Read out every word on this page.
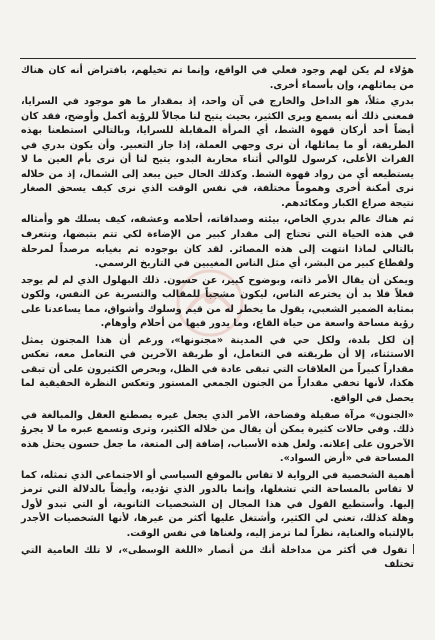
هؤلاء لم يكن لهم وجود فعلي في الواقع، وإنما تم تخيلهم، بافتراض أنه كان هناك من يماثلهم، وإن بأسماء أخرى.

بدري مثلاً، هو الداخل والخارج في آن واحد، إذ بمقدار ما هو موجود في السرايا، فمعنى ذلك أنه يسمع ويرى الكثير، بحيث يتيح لنا مجالاً للرؤية أكمل وأوضح، فقد كان أيضاً أحد أركان قهوة الشط، أي المرأة المقابلة للسرايا، وبالتالي استطعنا بهذه الطريقة، أو ما يماثلها، أن نرى وجهي العملة، إذا جاز التعبير. وأن يكون بدري في الفراث الأعلى، كرسول للوالي أثناء محاربة البدو، يتيح لنا أن نرى بأم العين ما لا يستطيعه أي من رواد قهوة الشط. وكذلك الحال حين يبعد إلى الشمال، إذ من خلاله نرى أمكنة أخرى وهموماً مختلفة، في نفس الوقت الذي نرى كيف يسحق الصغار نتيجة صراع الكبار ومكائدهم.

ثم هناك عالم بدري الخاص، بيئته وصداقاته، أحلامه وعشقه، كيف يسلك هو وأمثاله في هذه الحياة التي تحتاج إلى مقدار كبير من الإضاءة لكي تتم بتبضها، ونتعرف بالتالي لماذا انتهت إلى هذه المصائر. لقد كان بوجوده ثم بغيابه مرصداً لمرحلة ولقطاع كبير من البشر، أي مثل الناس المغيبين في التاريخ الرسمي.

ويمكن أن يقال الأمر ذاته، وبوضوح كبير، عن حسون. ذلك البهلول الذي لم لم يوجد فعلاً فلا بد أن يخترعه الناس، ليكون مشجباً للمقالب والتسرية عن النفس، ولكون بمثابة الضمير الشعبي، يقول ما يخطر له من قيم وسلوك وأشواق، مما يساعدنا على رؤية مساحة واسعة من حياة القاع، وما يدور فيها من أحلام وأوهام.

إن لكل بلدة، ولكل حي في المدينة «مجنونها»، ورغم أن هذا المجنون يمثل الاستثناء، إلا أن طريقته في التعامل، أو طريقة الآخرين في التعامل معه، تعكس مقداراً كبيراً من العلاقات التي تبقى عادة في الظل، وبحرص الكثيرون على أن تبقى هكذا، لأنها تخفي مقداراً من الجنون الجمعي المستور وتعكس النظرة الحقيقية لما يحصل في الواقع.

«الجنون» مرآة صقيلة وفضاحة، الأمر الذي يجعل غيره يصطنع العقل والمبالغة في ذلك. وفي حالات كثيرة يمكن أن يقال من خلاله الكثير، وترى وتسمع عبره ما لا يجرؤ الآخرون على إعلانه. ولعل هذه الأسباب، إضافة إلى المتعة، ما جعل حسون يحتل هذه المساحة في «أرض السواد».

أهمية الشخصية في الرواية لا تقاس بالموقع السياسي أو الاجتماعي الذي تمثله، كما لا تقاس بالمساحة التي تشغلها، وإنما بالدور الذي تؤديه، وأيضاً بالدلالة التي ترمز إليها. وأستطيع القول في هذا المجال إن الشخصيات الثانوية، أو التي تبدو لأول وهلة كذلك، تعني لي الكثير، وأشتغل عليها أكثر من غيرها، لأنها الشخصيات الأجدر بالإلتباه والعناية، نظراً لما ترمز إليه، ولغناها في نفس الوقت.

تقول في أكثر من مداخلة أنك من أنصار «اللغة الوسطى»، لا تلك العامية التي تختلف
